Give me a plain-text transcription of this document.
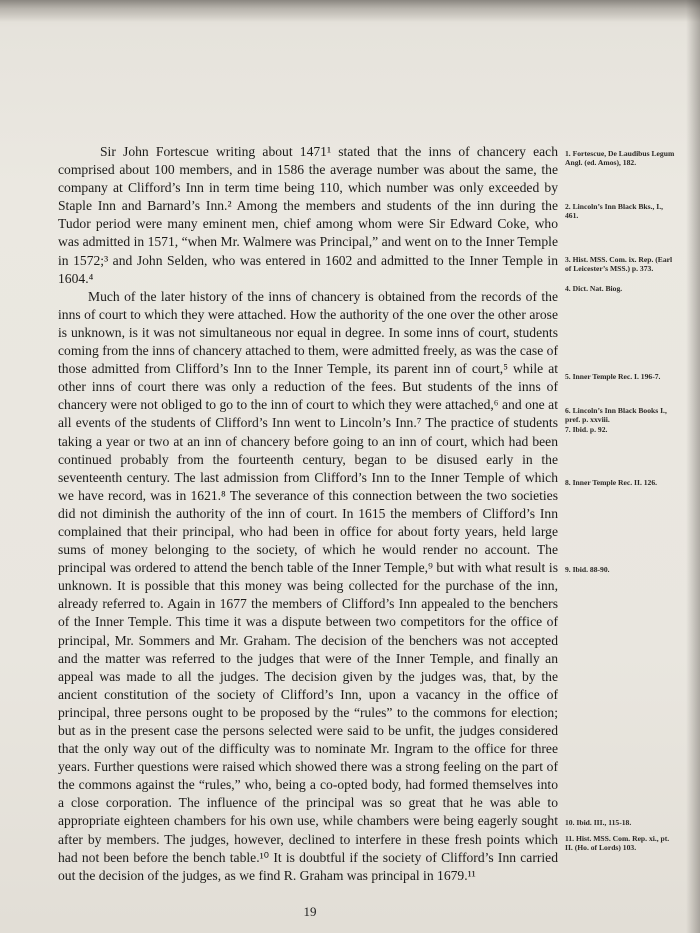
Sir John Fortescue writing about 1471¹ stated that the inns of chancery each comprised about 100 members, and in 1586 the average number was about the same, the company at Clifford’s Inn in term time being 110, which number was only exceeded by Staple Inn and Barnard’s Inn.² Among the members and students of the inn during the Tudor period were many eminent men, chief among whom were Sir Edward Coke, who was admitted in 1571, “when Mr. Walmere was Principal,” and went on to the Inner Temple in 1572;³ and John Selden, who was entered in 1602 and admitted to the Inner Temple in 1604.⁴

Much of the later history of the inns of chancery is obtained from the records of the inns of court to which they were attached. How the authority of the one over the other arose is unknown, is it was not simultaneous nor equal in degree. In some inns of court, students coming from the inns of chancery attached to them, were admitted freely, as was the case of those admitted from Clifford’s Inn to the Inner Temple, its parent inn of court,⁵ while at other inns of court there was only a reduction of the fees. But students of the inns of chancery were not obliged to go to the inn of court to which they were attached,⁶ and one at all events of the students of Clifford’s Inn went to Lincoln’s Inn.⁷ The practice of students taking a year or two at an inn of chancery before going to an inn of court, which had been continued probably from the fourteenth century, began to be disused early in the seventeenth century. The last admission from Clifford’s Inn to the Inner Temple of which we have record, was in 1621.⁸ The severance of this connection between the two societies did not diminish the authority of the inn of court. In 1615 the members of Clifford’s Inn complained that their principal, who had been in office for about forty years, held large sums of money belonging to the society, of which he would render no account. The principal was ordered to attend the bench table of the Inner Temple,⁹ but with what result is unknown. It is possible that this money was being collected for the purchase of the inn, already referred to. Again in 1677 the members of Clifford’s Inn appealed to the benchers of the Inner Temple. This time it was a dispute between two competitors for the office of principal, Mr. Sommers and Mr. Graham. The decision of the benchers was not accepted and the matter was referred to the judges that were of the Inner Temple, and finally an appeal was made to all the judges. The decision given by the judges was, that, by the ancient constitution of the society of Clifford’s Inn, upon a vacancy in the office of principal, three persons ought to be proposed by the “rules” to the commons for election; but as in the present case the persons selected were said to be unfit, the judges considered that the only way out of the difficulty was to nominate Mr. Ingram to the office for three years. Further questions were raised which showed there was a strong feeling on the part of the commons against the “rules,” who, being a co-opted body, had formed themselves into a close corporation. The influence of the principal was so great that he was able to appropriate eighteen chambers for his own use, while chambers were being eagerly sought after by members. The judges, however, declined to interfere in these fresh points which had not been before the bench table.¹⁰ It is doubtful if the society of Clifford’s Inn carried out the decision of the judges, as we find R. Graham was principal in 1679.¹¹

1. Fortescue, De Laudibus Legum Angl. (ed. Amos), 182.
2. Lincoln’s Inn Black Bks., I., 461.
3. Hist. MSS. Com. ix. Rep. (Earl of Leicester’s MSS.) p. 373.
4. Dict. Nat. Biog.
5. Inner Temple Rec. I. 196-7.
6. Lincoln’s Inn Black Books I., pref. p. xxviii.
7. Ibid. p. 92.
8. Inner Temple Rec. II. 126.
9. Ibid. 88-90.
10. Ibid. III., 115-18.
11. Hist. MSS. Com. Rep. xi., pt. II. (Ho. of Lords) 103.
19
